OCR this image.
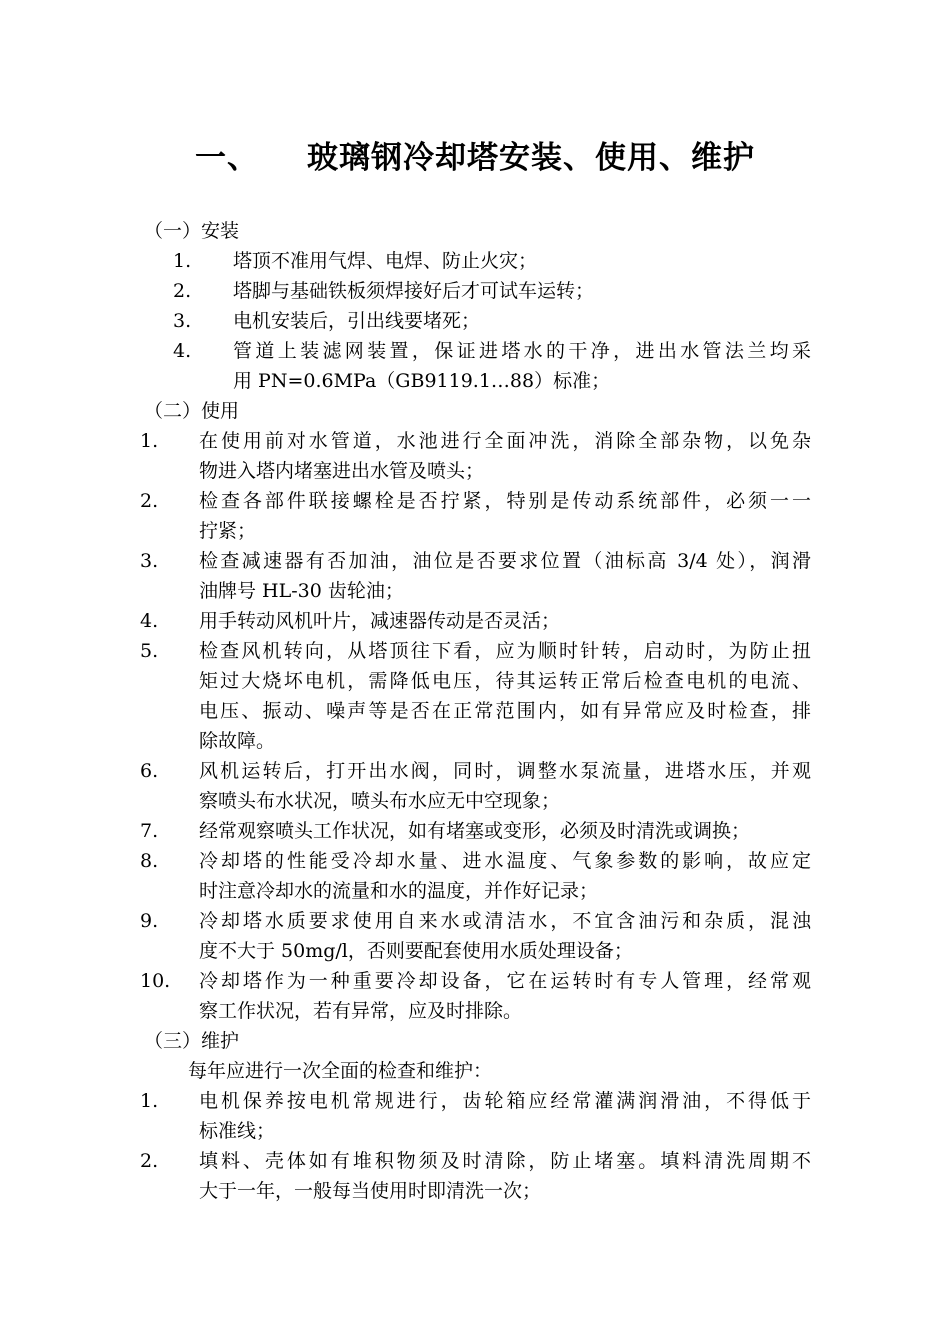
一、 玻璃钢冷却塔安装、使用、维护
（一）安装
1. 塔顶不准用气焊、电焊、防止火灾；
2. 塔脚与基础铁板须焊接好后才可试车运转；
3. 电机安装后，引出线要堵死；
4. 管道上装滤网装置，保证进塔水的干净，进出水管法兰均采
用 PN=0.6MPa（GB9119.1…88）标准；
（二）使用
1. 在使用前对水管道，水池进行全面冲洗，消除全部杂物，以免杂
物进入塔内堵塞进出水管及喷头；
2. 检查各部件联接螺栓是否拧紧，特别是传动系统部件，必须一一
拧紧；
3. 检查减速器有否加油，油位是否要求位置（油标高 3/4 处），润滑
油牌号 HL-30 齿轮油；
4. 用手转动风机叶片，减速器传动是否灵活；
5. 检查风机转向，从塔顶往下看，应为顺时针转，启动时，为防止扭
矩过大烧坏电机，需降低电压，待其运转正常后检查电机的电流、
电压、振动、噪声等是否在正常范围内，如有异常应及时检查，排
除故障。
6. 风机运转后，打开出水阀，同时，调整水泵流量，进塔水压，并观
察喷头布水状况，喷头布水应无中空现象；
7. 经常观察喷头工作状况，如有堵塞或变形，必须及时清洗或调换；
8. 冷却塔的性能受冷却水量、进水温度、气象参数的影响，故应定
时注意冷却水的流量和水的温度，并作好记录；
9. 冷却塔水质要求使用自来水或清洁水，不宜含油污和杂质，混浊
度不大于 50mg/l，否则要配套使用水质处理设备；
10. 冷却塔作为一种重要冷却设备，它在运转时有专人管理，经常观
察工作状况，若有异常，应及时排除。
（三）维护
每年应进行一次全面的检查和维护：
1. 电机保养按电机常规进行，齿轮箱应经常灌满润滑油，不得低于
标准线；
2. 填料、壳体如有堆积物须及时清除，防止堵塞。填料清洗周期不
大于一年，一般每当使用时即清洗一次；
